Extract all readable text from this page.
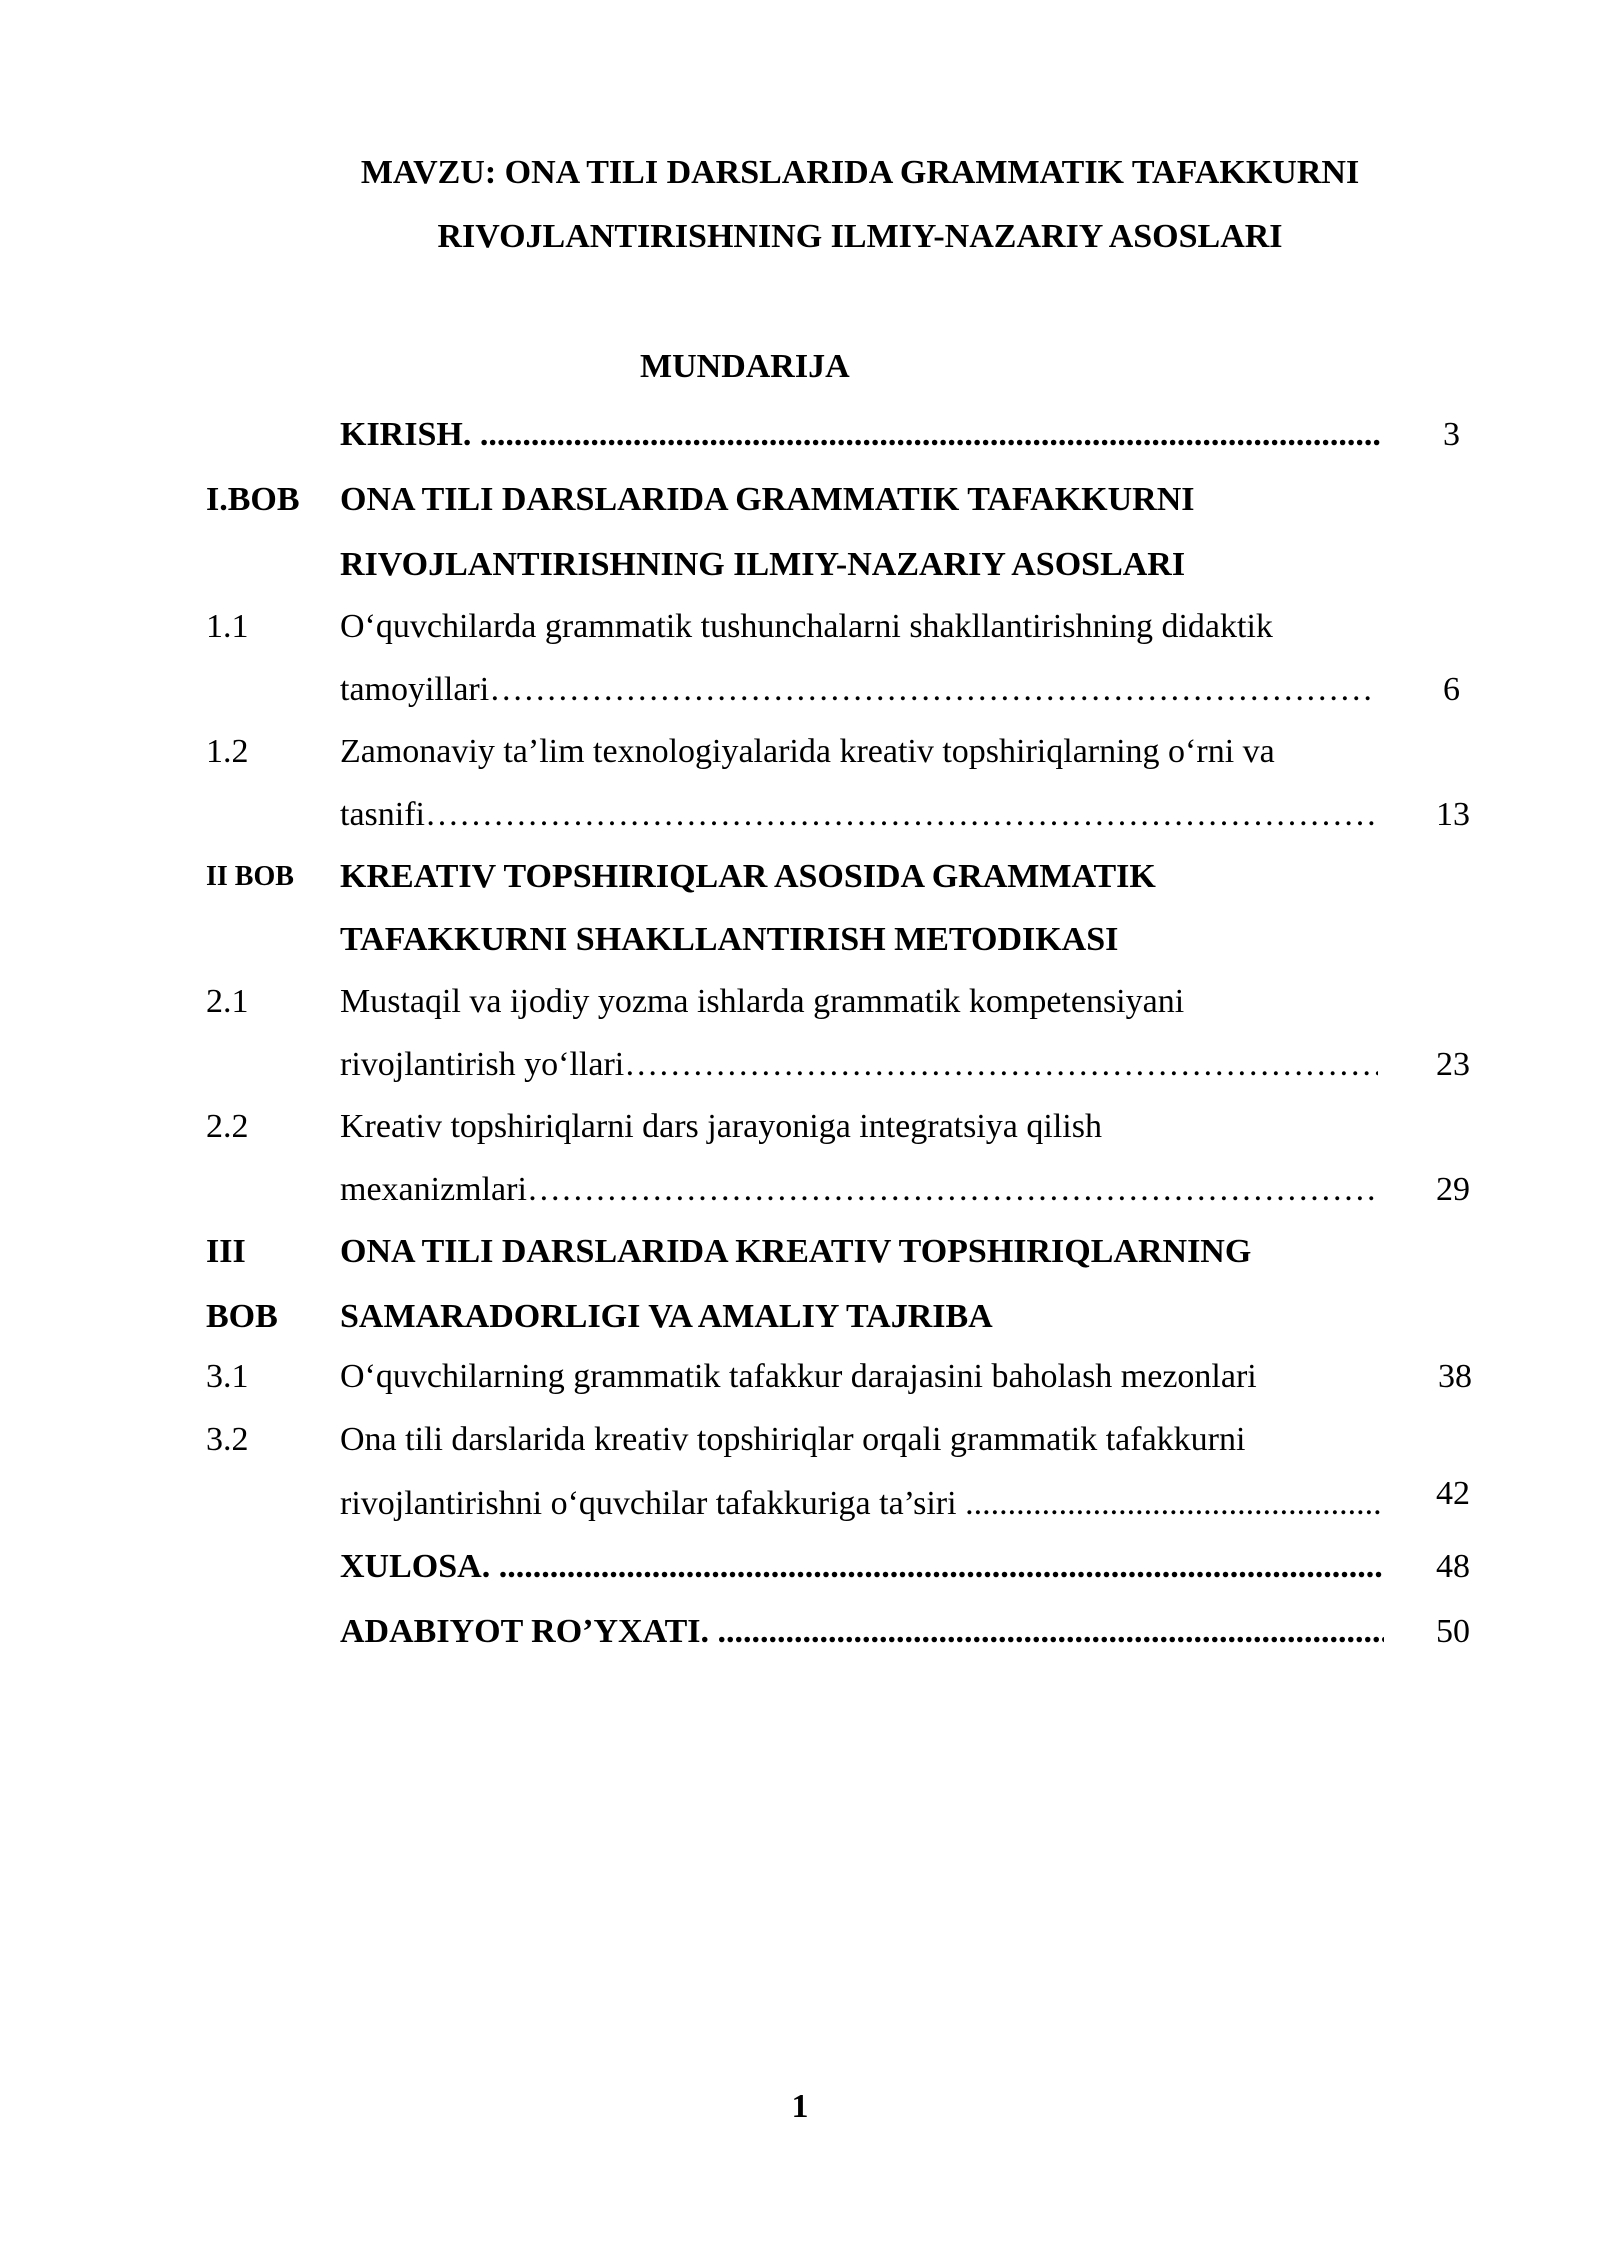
MAVZU: ONA TILI DARSLARIDA GRAMMATIK TAFAKKURNI
RIVOJLANTIRISHNING ILMIY-NAZARIY ASOSLARI
MUNDARIJA
KIRISH. .....	3
I.BOB ONA TILI DARSLARIDA GRAMMATIK TAFAKKURNI
RIVOJLANTIRISHNING ILMIY-NAZARIY ASOSLARI
1.1	O‘quvchilarda grammatik tushunchalarni shakllantirishning didaktik
tamoyillari ………………………………………………………………………………………………	6
1.2	Zamonaviy ta’lim texnologiyalarida kreativ topshiriqlarning o‘rni va
tasnifi ………………………………………………………………………………………………	13
II BOB KREATIV TOPSHIRIQLAR ASOSIDA GRAMMATIK
TAFAKKURNI SHAKLLANTIRISH METODIKASI
2.1	Mustaqil va ijodiy yozma ishlarda grammatik kompetensiyani
rivojlantirish yo‘llari ………………………………………………………………………………………………	23
2.2	Kreativ topshiriqlarni dars jarayoniga integratsiya qilish
mexanizmlari ………………………………………………………………………………………………	29
III	ONA TILI DARSLARIDA KREATIV TOPSHIRIQLARNING
BOB SAMARADORLIGI VA AMALIY TAJRIBA
3.1	O‘quvchilarning grammatik tafakkur darajasini baholash mezonlari	38
3.2	Ona tili darslarida kreativ topshiriqlar orqali grammatik tafakkurni
rivojlantirishni o‘quvchilar tafakkuriga ta’siri .....	42
XULOSA. .....	48
ADABIYOT RO’YXATI. .....	50
1
